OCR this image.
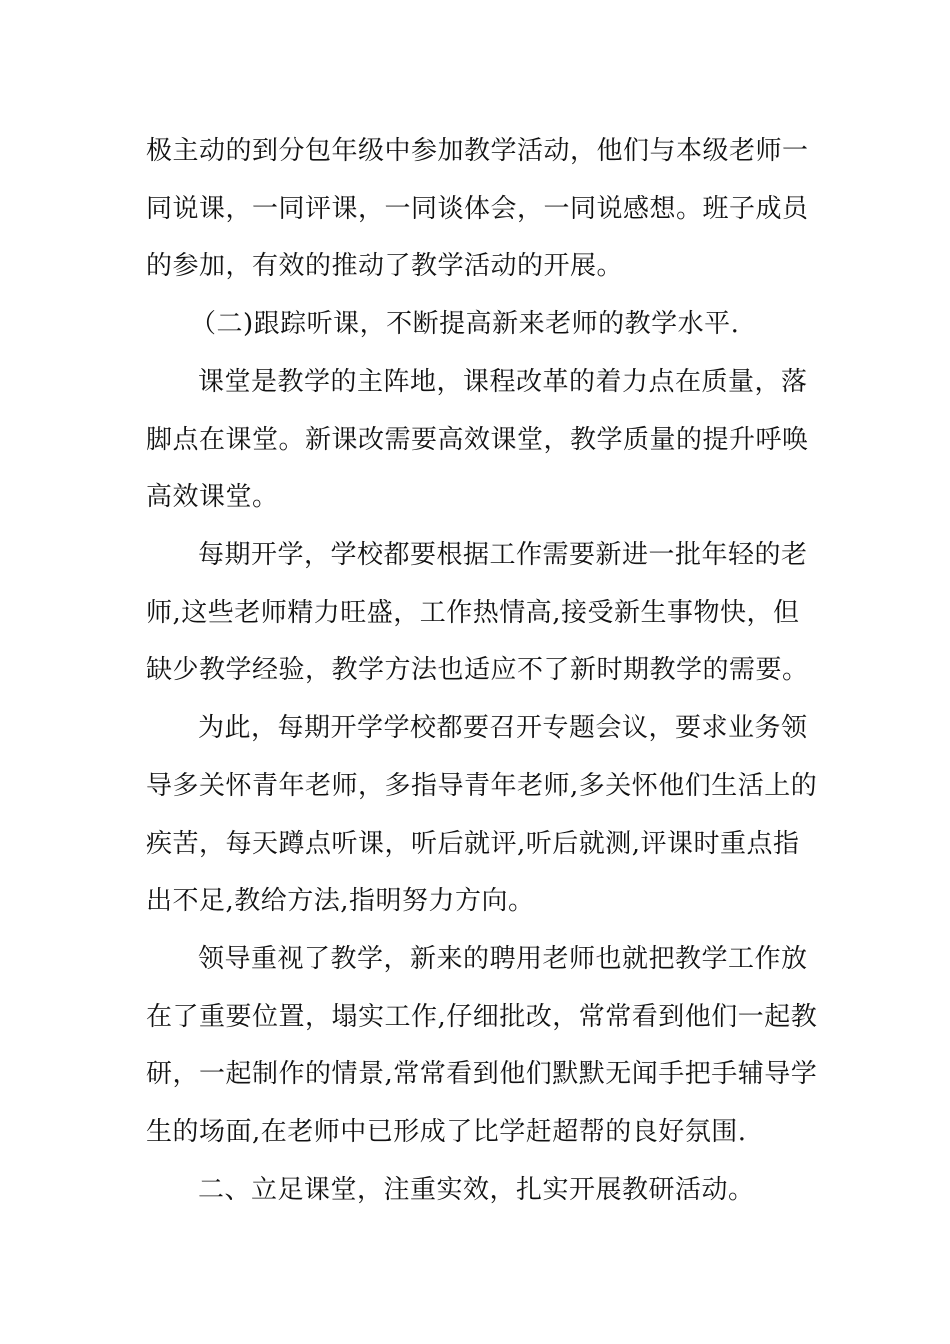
极主动的到分包年级中参加教学活动，他们与本级老师一
同说课，一同评课，一同谈体会，一同说感想。班子成员
的参加，有效的推动了教学活动的开展。
（二)跟踪听课，不断提高新来老师的教学水平.
课堂是教学的主阵地，课程改革的着力点在质量，落
脚点在课堂。新课改需要高效课堂，教学质量的提升呼唤
高效课堂。
每期开学，学校都要根据工作需要新进一批年轻的老
师,这些老师精力旺盛，工作热情高,接受新生事物快，但
缺少教学经验，教学方法也适应不了新时期教学的需要。
为此，每期开学学校都要召开专题会议，要求业务领
导多关怀青年老师，多指导青年老师,多关怀他们生活上的
疾苦，每天蹲点听课，听后就评,听后就测,评课时重点指
出不足,教给方法,指明努力方向。
领导重视了教学，新来的聘用老师也就把教学工作放
在了重要位置，塌实工作,仔细批改，常常看到他们一起教
研，一起制作的情景,常常看到他们默默无闻手把手辅导学
生的场面,在老师中已形成了比学赶超帮的良好氛围.
二、立足课堂，注重实效，扎实开展教研活动。
